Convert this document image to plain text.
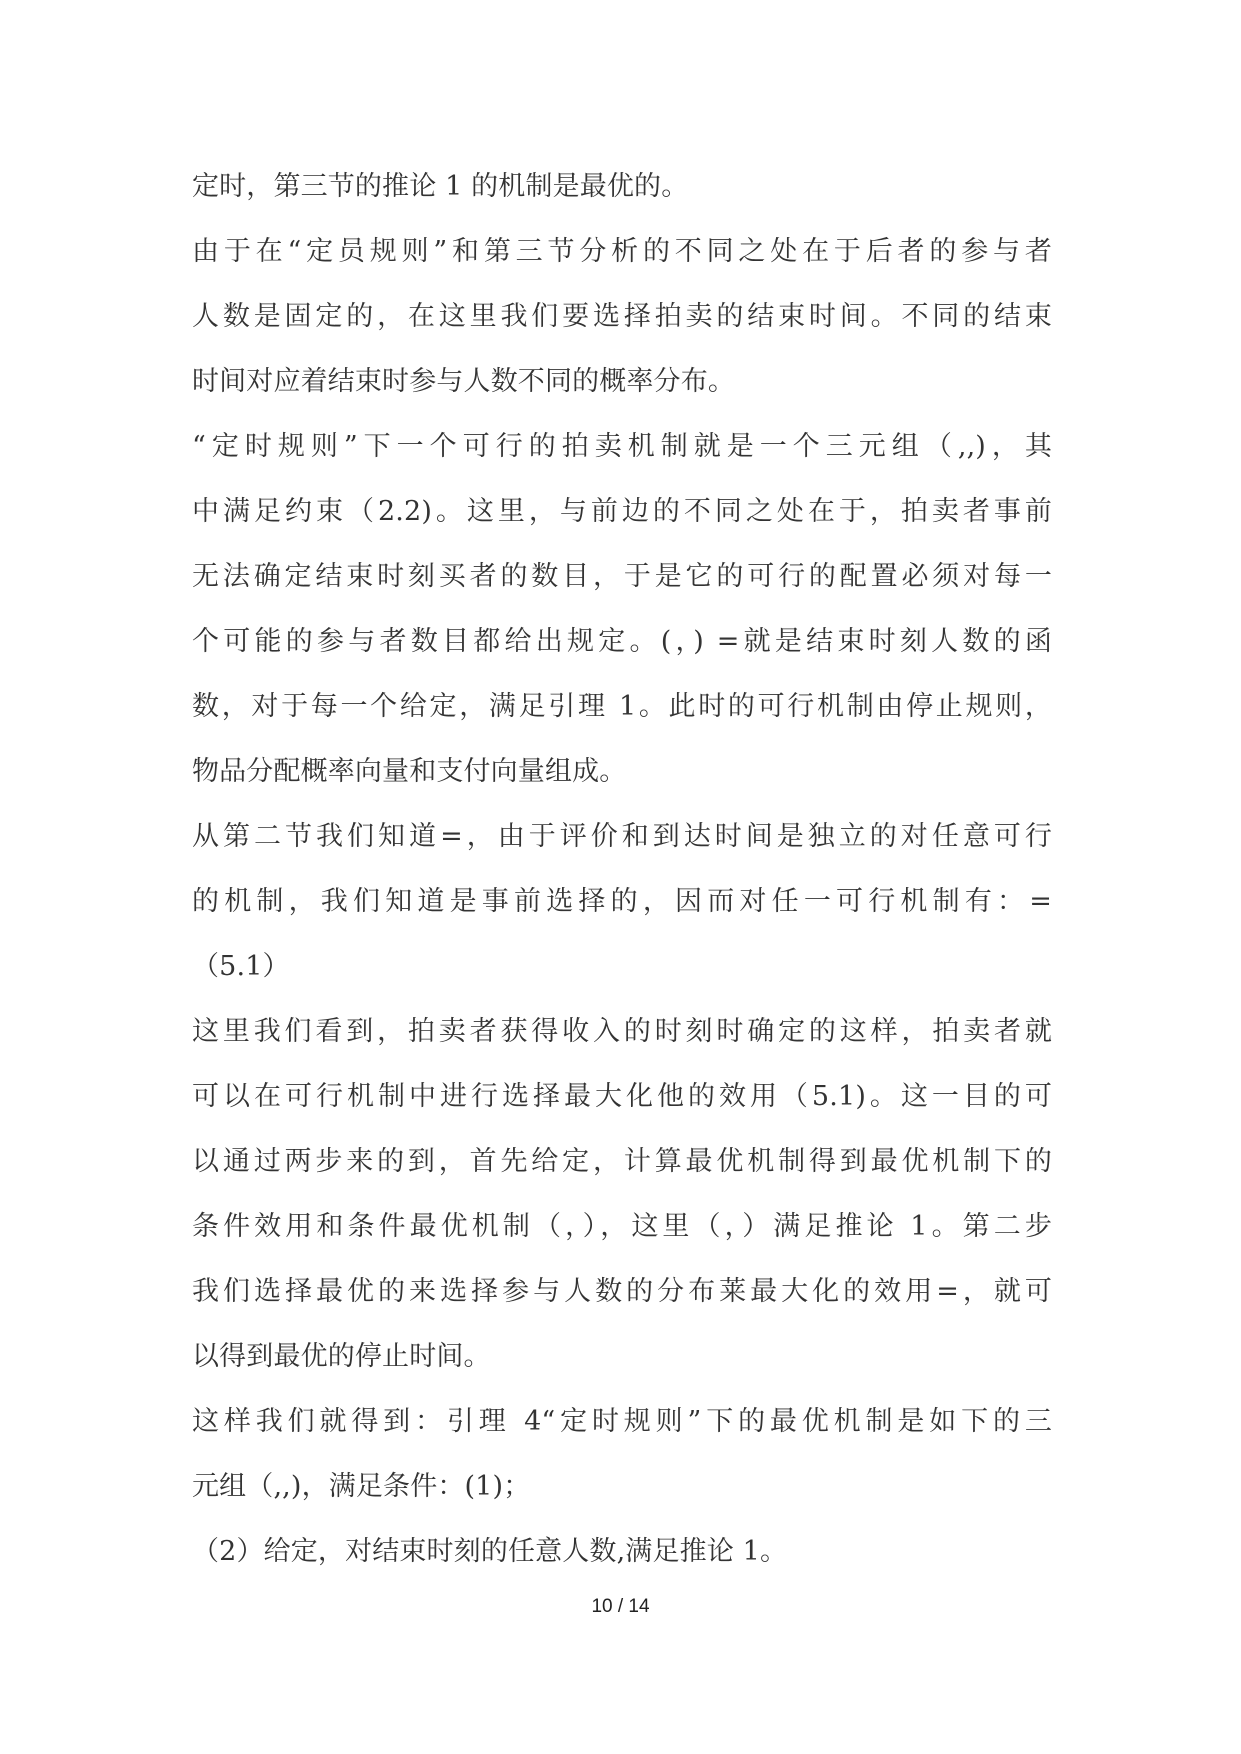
定时，第三节的推论 1 的机制是最优的。
由于在“定员规则”和第三节分析的不同之处在于后者的参与者
人数是固定的，在这里我们要选择拍卖的结束时间。不同的结束
时间对应着结束时参与人数不同的概率分布。
“定时规则”下一个可行的拍卖机制就是一个三元组（,,)，其
中满足约束（2.2)。这里，与前边的不同之处在于，拍卖者事前
无法确定结束时刻买者的数目，于是它的可行的配置必须对每一
个可能的参与者数目都给出规定。(，) =就是结束时刻人数的函
数，对于每一个给定，满足引理 1。此时的可行机制由停止规则，
物品分配概率向量和支付向量组成。
从第二节我们知道=，由于评价和到达时间是独立的对任意可行
的机制，我们知道是事前选择的，因而对任一可行机制有：=
（5.1）
这里我们看到，拍卖者获得收入的时刻时确定的这样，拍卖者就
可以在可行机制中进行选择最大化他的效用（5.1)。这一目的可
以通过两步来的到，首先给定，计算最优机制得到最优机制下的
条件效用和条件最优机制（，），这里（，）满足推论 1。第二步
我们选择最优的来选择参与人数的分布莱最大化的效用=，就可
以得到最优的停止时间。
这样我们就得到：引理 4“定时规则”下的最优机制是如下的三
元组（,,)，满足条件：(1)；
（2）给定，对结束时刻的任意人数,满足推论 1。
10 / 14
